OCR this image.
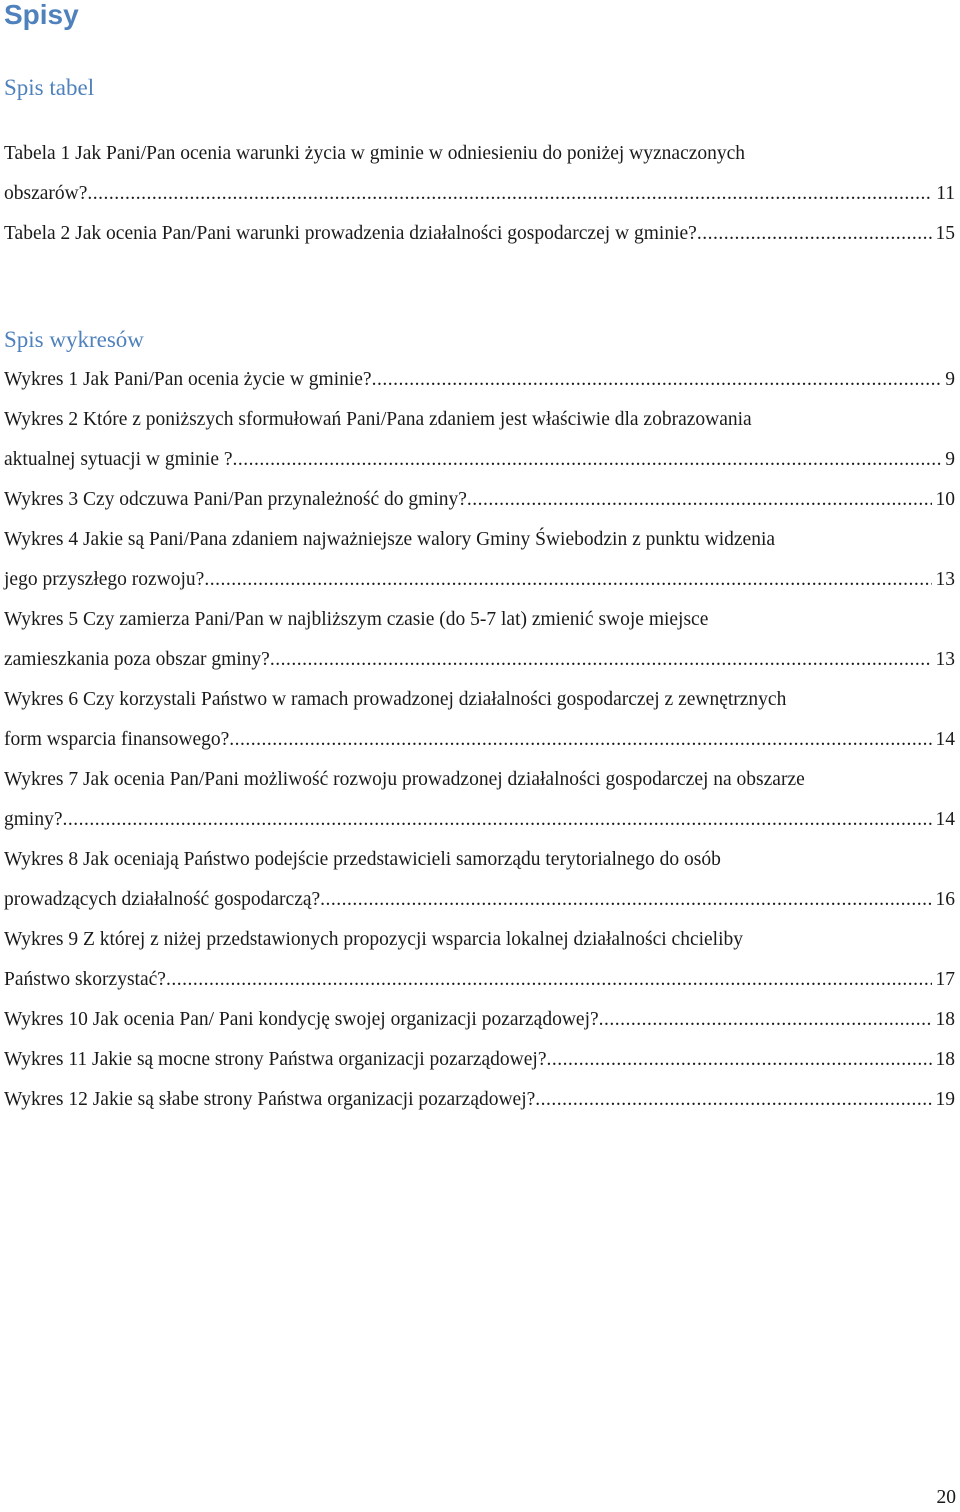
Spisy
Spis tabel
Tabela 1 Jak Pani/Pan ocenia warunki życia w gminie w odniesieniu do poniżej wyznaczonych
obszarów? .....	11
Tabela 2 Jak ocenia Pan/Pani warunki prowadzenia działalności gospodarczej w gminie? .....	15
Spis wykresów
Wykres 1 Jak Pani/Pan ocenia życie w gminie? .....	9
Wykres 2 Które z poniższych sformułowań Pani/Pana zdaniem jest właściwie dla zobrazowania
aktualnej sytuacji w gminie ? .....	9
Wykres 3 Czy odczuwa Pani/Pan przynależność do gminy? .....	10
Wykres 4 Jakie są Pani/Pana zdaniem najważniejsze walory Gminy Świebodzin z punktu widzenia
jego przyszłego rozwoju? .....	13
Wykres 5 Czy zamierza Pani/Pan w najbliższym czasie (do 5-7 lat) zmienić swoje miejsce
zamieszkania poza obszar gminy? .....	13
Wykres 6 Czy korzystali Państwo w ramach prowadzonej działalności gospodarczej z zewnętrznych
form wsparcia finansowego? .....	14
Wykres 7 Jak ocenia Pan/Pani możliwość rozwoju prowadzonej działalności gospodarczej na obszarze
gminy? .....	14
Wykres 8 Jak oceniają Państwo podejście przedstawicieli samorządu terytorialnego do osób
prowadzących działalność gospodarczą? .....	16
Wykres 9 Z której z niżej przedstawionych propozycji wsparcia lokalnej działalności chcieliby
Państwo skorzystać? .....	17
Wykres 10 Jak ocenia Pan/ Pani kondycję swojej organizacji pozarządowej? .....	18
Wykres 11 Jakie są mocne strony Państwa organizacji pozarządowej? .....	18
Wykres 12 Jakie są słabe strony Państwa organizacji pozarządowej? .....	19
20
